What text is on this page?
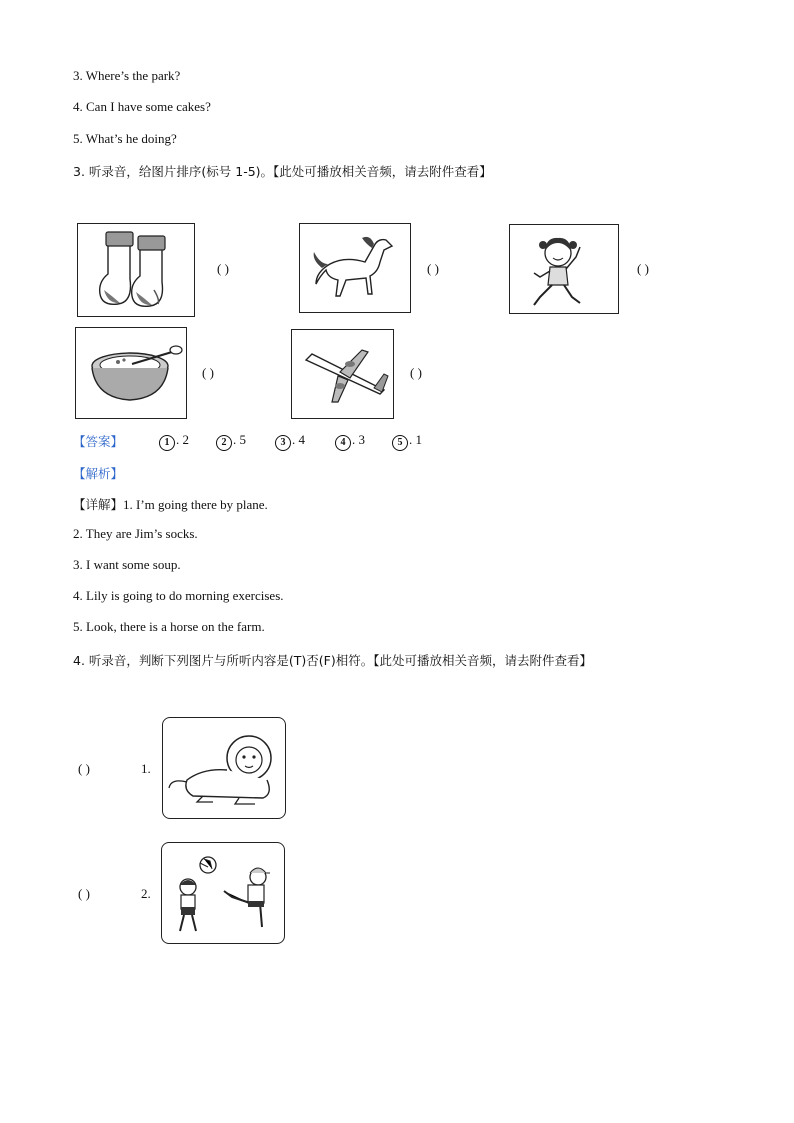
3. Where’s the park?
4. Can I have some cakes?
5. What’s he doing?
3. 听录音，给图片排序(标号 1-5)。【此处可播放相关音频，请去附件查看】
( )	( )	( )
( )	( )
【答案】	1 . 2	2 . 5	3 . 4	4 . 3	5 . 1
【解析】
【详解】1. I’m going there by plane.
2. They are Jim’s socks.
3. I want some soup.
4. Lily is going to do morning exercises.
5. Look, there is a horse on the farm.
4. 听录音，判断下列图片与所听内容是(T)否(F)相符。【此处可播放相关音频，请去附件查看】
( )	1.
( )	2.
